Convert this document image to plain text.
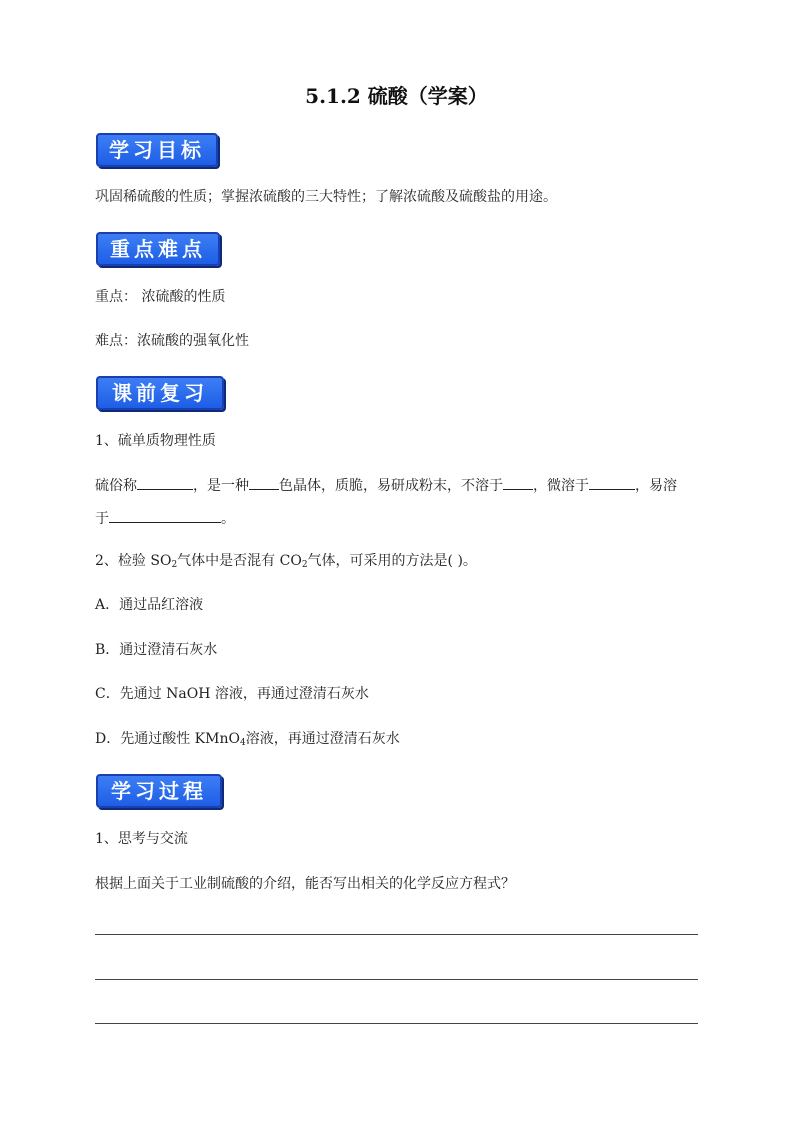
5.1.2 硫酸（学案）
学习目标
巩固稀硫酸的性质；掌握浓硫酸的三大特性；了解浓硫酸及硫酸盐的用途。
重点难点
重点： 浓硫酸的性质
难点：浓硫酸的强氧化性
课前复习
1、硫单质物理性质
硫俗称	，是一种 色晶体，质脆，易研成粉末，不溶于 ，微溶于	，易溶
于	。
2、检验 $SO_2$气体中是否混有 $CO_2$气体，可采用的方法是( )。
A．通过品红溶液
B．通过澄清石灰水
C．先通过 NaOH 溶液，再通过澄清石灰水
D．先通过酸性 KMnO$_4$溶液，再通过澄清石灰水
学习过程
1、思考与交流
根据上面关于工业制硫酸的介绍，能否写出相关的化学反应方程式？
